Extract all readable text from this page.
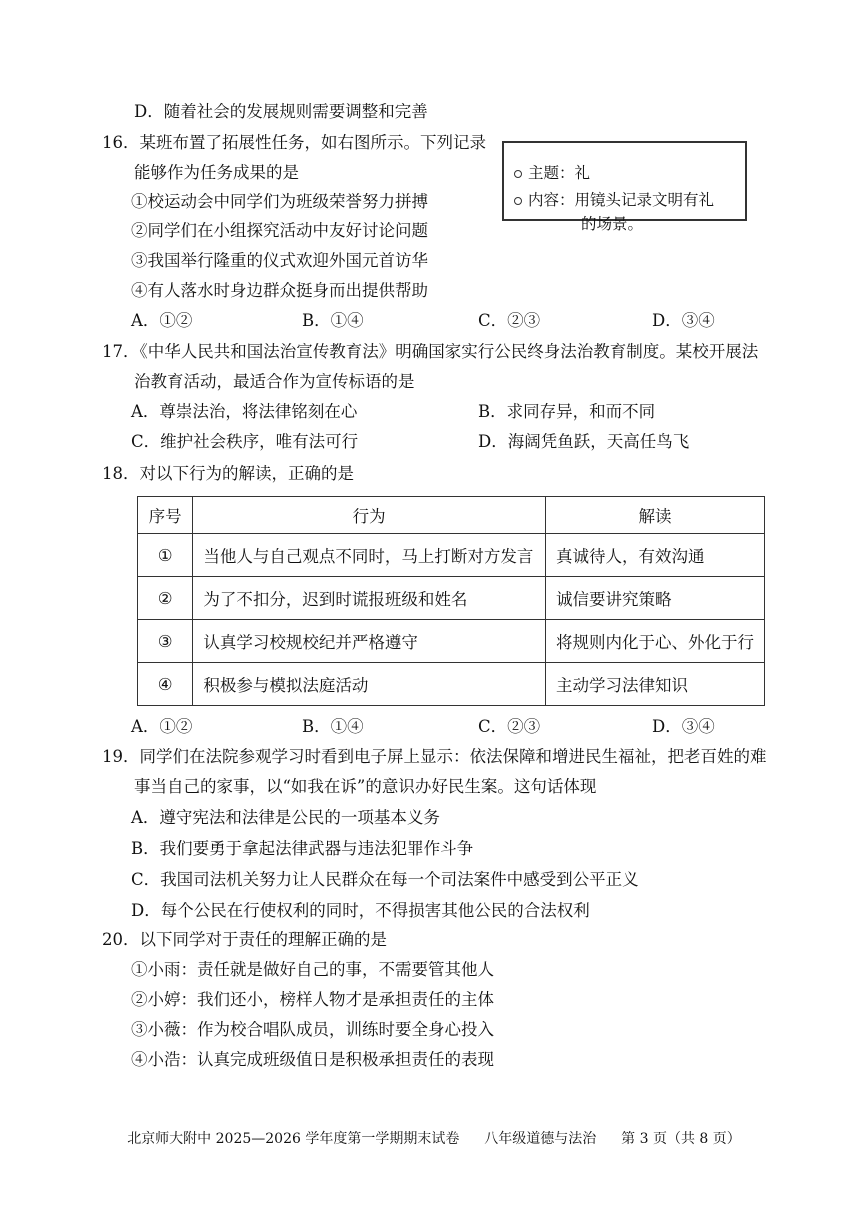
D．随着社会的发展规则需要调整和完善
16．某班布置了拓展性任务，如右图所示。下列记录
能够作为任务成果的是
①校运动会中同学们为班级荣誉努力拼搏
②同学们在小组探究活动中友好讨论问题
③我国举行隆重的仪式欢迎外国元首访华
④有人落水时身边群众挺身而出提供帮助
主题：礼
内容：用镜头记录文明有礼
的场景。
A．①②	B．①④	C．②③	D．③④
17．《中华人民共和国法治宣传教育法》明确国家实行公民终身法治教育制度。某校开展法
治教育活动，最适合作为宣传标语的是
A．尊崇法治，将法律铭刻在心	B．求同存异，和而不同
C．维护社会秩序，唯有法可行	D．海阔凭鱼跃，天高任鸟飞
18．对以下行为的解读，正确的是
序号	行为	解读
①	当他人与自己观点不同时，马上打断对方发言	真诚待人，有效沟通
②	为了不扣分，迟到时谎报班级和姓名	诚信要讲究策略
③	认真学习校规校纪并严格遵守	将规则内化于心、外化于行
④	积极参与模拟法庭活动	主动学习法律知识
A．①②	B．①④	C．②③	D．③④
19．同学们在法院参观学习时看到电子屏上显示：依法保障和增进民生福祉，把老百姓的难
事当自己的家事，以“如我在诉”的意识办好民生案。这句话体现
A．遵守宪法和法律是公民的一项基本义务
B．我们要勇于拿起法律武器与违法犯罪作斗争
C．我国司法机关努力让人民群众在每一个司法案件中感受到公平正义
D．每个公民在行使权利的同时，不得损害其他公民的合法权利
20．以下同学对于责任的理解正确的是
①小雨：责任就是做好自己的事，不需要管其他人
②小婷：我们还小，榜样人物才是承担责任的主体
③小薇：作为校合唱队成员，训练时要全身心投入
④小浩：认真完成班级值日是积极承担责任的表现
北京师大附中 2025—2026 学年度第一学期期末试卷 八年级道德与法治 第 3 页（共 8 页）
